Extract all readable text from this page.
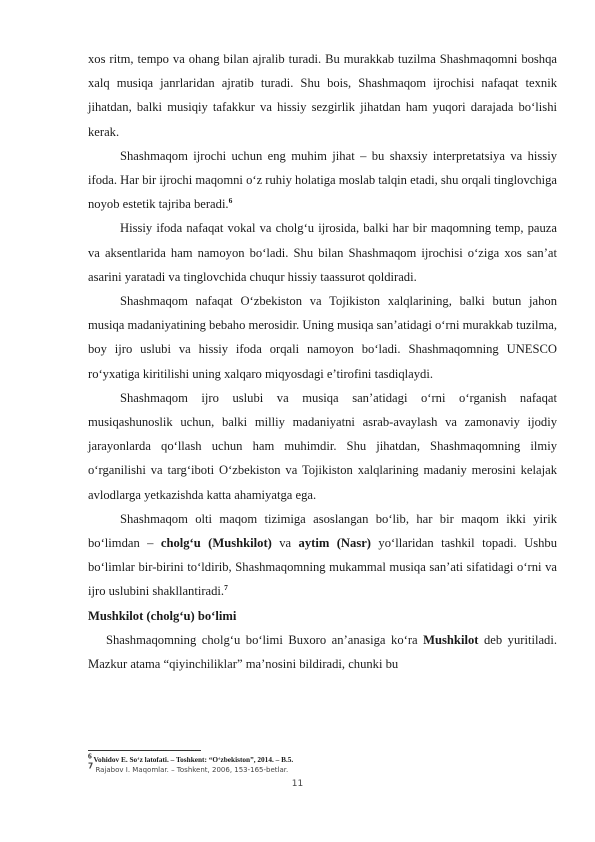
xos ritm, tempo va ohang bilan ajralib turadi. Bu murakkab tuzilma Shashmaqomni boshqa xalq musiqa janrlaridan ajratib turadi. Shu bois, Shashmaqom ijrochisi nafaqat texnik jihatdan, balki musiqiy tafakkur va hissiy sezgirlik jihatdan ham yuqori darajada bo‘lishi kerak.

Shashmaqom ijrochi uchun eng muhim jihat – bu shaxsiy interpretatsiya va hissiy ifoda. Har bir ijrochi maqomni o‘z ruhiy holatiga moslab talqin etadi, shu orqali tinglovchiga noyob estetik tajriba beradi.$^6$

Hissiy ifoda nafaqat vokal va cholg‘u ijrosida, balki har bir maqomning temp, pauza va aksentlarida ham namoyon bo‘ladi. Shu bilan Shashmaqom ijrochisi o‘ziga xos san’at asarini yaratadi va tinglovchida chuqur hissiy taassurot qoldiradi.

Shashmaqom nafaqat O‘zbekiston va Tojikiston xalqlarining, balki butun jahon musiqa madaniyatining bebaho merosidir. Uning musiqa san’atidagi o‘rni murakkab tuzilma, boy ijro uslubi va hissiy ifoda orqali namoyon bo‘ladi. Shashmaqomning UNESCO ro‘yxatiga kiritilishi uning xalqaro miqyosdagi e’tirofini tasdiqlaydi.

Shashmaqom ijro uslubi va musiqa san’atidagi o‘rni o‘rganish nafaqat musiqashunoslik uchun, balki milliy madaniyatni asrab-avaylash va zamonaviy ijodiy jarayonlarda qo‘llash uchun ham muhimdir. Shu jihatdan, Shashmaqomning ilmiy o‘rganilishi va targ‘iboti O‘zbekiston va Tojikiston xalqlarining madaniy merosini kelajak avlodlarga yetkazishda katta ahamiyatga ega.

Shashmaqom olti maqom tizimiga asoslangan bo‘lib, har bir maqom ikki yirik bo‘limdan – cholg‘u (Mushkilot) va aytim (Nasr) yo‘llaridan tashkil topadi. Ushbu bo‘limlar bir-birini to‘ldirib, Shashmaqomning mukammal musiqa san’ati sifatidagi o‘rni va ijro uslubini shakllantiradi.$^7$

Mushkilot (cholg‘u) bo‘limi

Shashmaqomning cholg‘u bo‘limi Buxoro an’anasiga ko‘ra Mushkilot deb yuritiladi. Mazkur atama “qiyinchiliklar” ma’nosini bildiradi, chunki bu

$^6$ Vohidov E. So‘z latofati. – Toshkent: “O‘zbekiston”, 2014. – B.5.
$^7$ Rajabov I. Maqomlar. – Toshkent, 2006, 153-165-betlar.
11
